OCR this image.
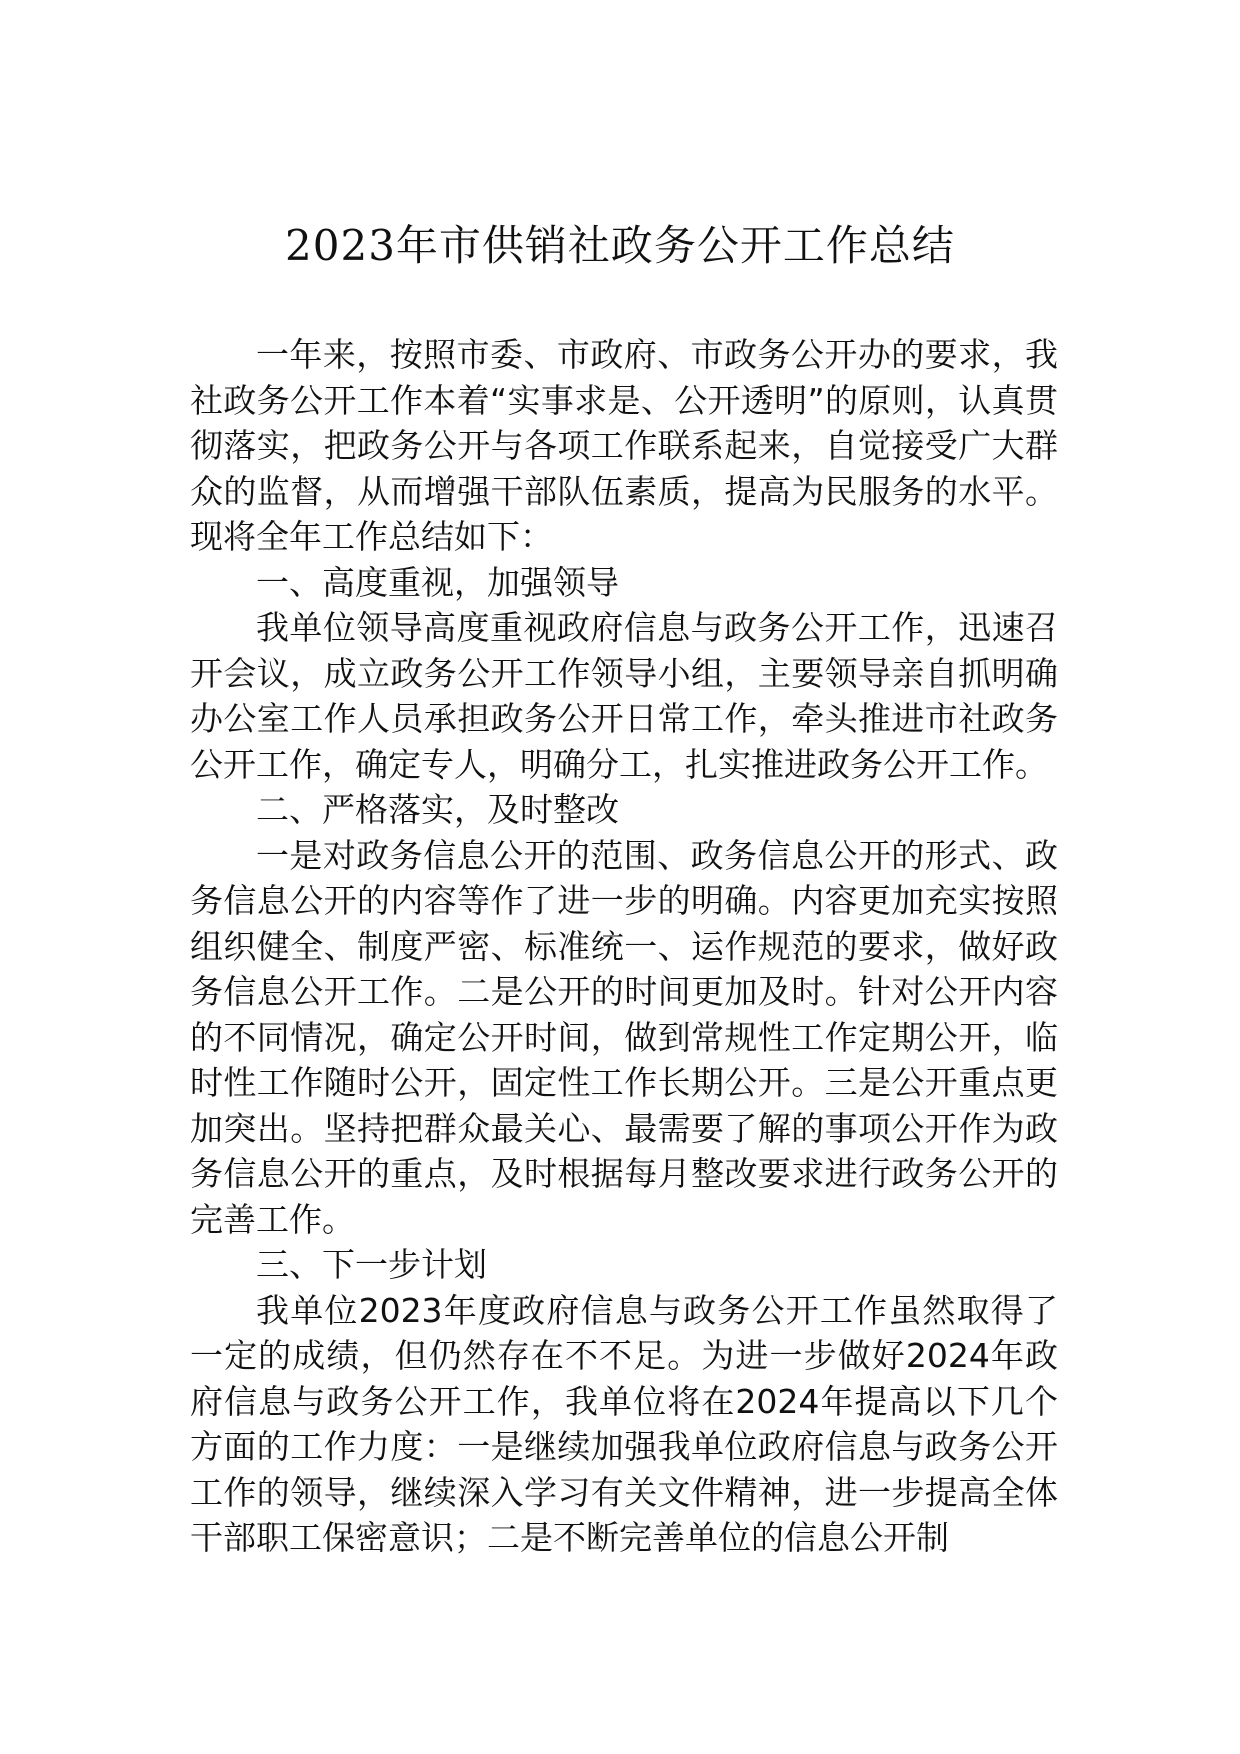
2023年市供销社政务公开工作总结

一年来，按照市委、市政府、市政务公开办的要求，我社政务公开工作本着“实事求是、公开透明”的原则，认真贯彻落实，把政务公开与各项工作联系起来，自觉接受广大群众的监督，从而增强干部队伍素质，提高为民服务的水平。现将全年工作总结如下：

一、高度重视，加强领导

我单位领导高度重视政府信息与政务公开工作，迅速召开会议，成立政务公开工作领导小组，主要领导亲自抓明确办公室工作人员承担政务公开日常工作，牵头推进市社政务公开工作，确定专人，明确分工，扎实推进政务公开工作。

二、严格落实，及时整改

一是对政务信息公开的范围、政务信息公开的形式、政务信息公开的内容等作了进一步的明确。内容更加充实按照组织健全、制度严密、标准统一、运作规范的要求，做好政务信息公开工作。二是公开的时间更加及时。针对公开内容的不同情况，确定公开时间，做到常规性工作定期公开，临时性工作随时公开，固定性工作长期公开。三是公开重点更加突出。坚持把群众最关心、最需要了解的事项公开作为政务信息公开的重点，及时根据每月整改要求进行政务公开的完善工作。

三、下一步计划

我单位2023年度政府信息与政务公开工作虽然取得了一定的成绩，但仍然存在不不足。为进一步做好2024年政府信息与政务公开工作，我单位将在2024年提高以下几个方面的工作力度：一是继续加强我单位政府信息与政务公开工作的领导，继续深入学习有关文件精神，进一步提高全体干部职工保密意识；二是不断完善单位的信息公开制
